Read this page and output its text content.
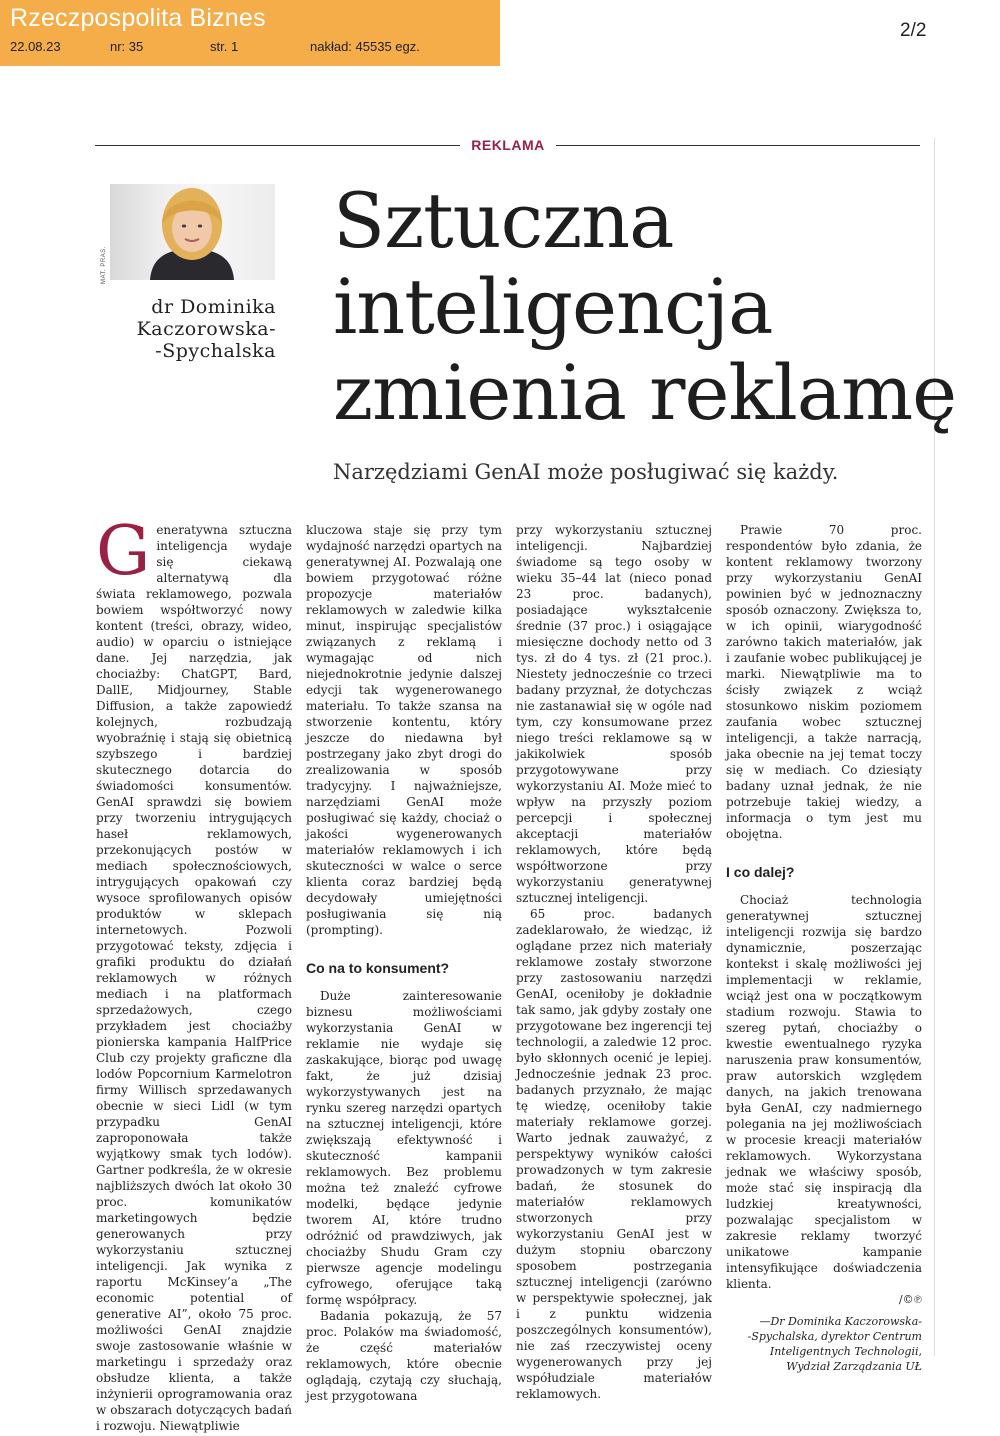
Rzeczpospolita Biznes
22.08.23	nr: 35	str. 1	nakład: 45535 egz.
2/2
REKLAMA
MAT. PRAS.
dr Dominika
Kaczorowska-
-Spychalska
Sztuczna
inteligencja
zmienia reklamę
Narzędziami GenAI może posługiwać się każdy.
G eneratywna sztuczna inteligencja wydaje się ciekawą alternatywą dla świata reklamowego, pozwala bowiem współtworzyć nowy kontent (treści, obrazy, wideo, audio) w oparciu o istniejące dane. Jej narzędzia, jak chociażby: ChatGPT, Bard, DallE, Midjourney, Stable Diffusion, a także zapowiedź kolejnych, rozbudzają wyobraźnię i stają się obietnicą szybszego i bardziej skutecznego dotarcia do świadomości konsumentów. GenAI sprawdzi się bowiem przy tworzeniu intrygujących haseł reklamowych, przekonujących postów w mediach społecznościowych, intrygujących opakowań czy wysoce sprofilowanych opisów produktów w sklepach internetowych. Pozwoli przygotować teksty, zdjęcia i grafiki produktu do działań reklamowych w różnych mediach i na platformach sprzedażowych, czego przykładem jest chociażby pionierska kampania HalfPrice Club czy projekty graficzne dla lodów Popcornium Karmelotron firmy Willisch sprzedawanych obecnie w sieci Lidl (w tym przypadku GenAI zaproponowała także wyjątkowy smak tych lodów). Gartner podkreśla, że w okresie najbliższych dwóch lat około 30 proc. komunikatów marketingowych będzie generowanych przy wykorzystaniu sztucznej inteligencji. Jak wynika z raportu McKinsey’a „The economic potential of generative AI”, około 75 proc. możliwości GenAI znajdzie swoje zastosowanie właśnie w marketingu i sprzedaży oraz obsłudze klienta, a także inżynierii oprogramowania oraz w obszarach dotyczących badań i rozwoju. Niewątpliwie

kluczowa staje się przy tym wydajność narzędzi opartych na generatywnej AI. Pozwalają one bowiem przygotować różne propozycje materiałów reklamowych w zaledwie kilka minut, inspirując specjalistów związanych z reklamą i wymagając od nich niejednokrotnie jedynie dalszej edycji tak wygenerowanego materiału. To także szansa na stworzenie kontentu, który jeszcze do niedawna był postrzegany jako zbyt drogi do zrealizowania w sposób tradycyjny. I najważniejsze, narzędziami GenAI może posługiwać się każdy, chociaż o jakości wygenerowanych materiałów reklamowych i ich skuteczności w walce o serce klienta coraz bardziej będą decydowały umiejętności posługiwania się nią (prompting).

Co na to konsument?

Duże zainteresowanie biznesu możliwościami wykorzystania GenAI w reklamie nie wydaje się zaskakujące, biorąc pod uwagę fakt, że już dzisiaj wykorzystywanych jest na rynku szereg narzędzi opartych na sztucznej inteligencji, które zwiększają efektywność i skuteczność kampanii reklamowych. Bez problemu można też znaleźć cyfrowe modelki, będące jedynie tworem AI, które trudno odróżnić od prawdziwych, jak chociażby Shudu Gram czy pierwsze agencje modelingu cyfrowego, oferujące taką formę współpracy.

Badania pokazują, że 57 proc. Polaków ma świadomość, że część materiałów reklamowych, które obecnie oglądają, czytają czy słuchają, jest przygotowana

przy wykorzystaniu sztucznej inteligencji. Najbardziej świadome są tego osoby w wieku 35–44 lat (nieco ponad 23 proc. badanych), posiadające wykształcenie średnie (37 proc.) i osiągające miesięczne dochody netto od 3 tys. zł do 4 tys. zł (21 proc.). Niestety jednocześnie co trzeci badany przyznał, że dotychczas nie zastanawiał się w ogóle nad tym, czy konsumowane przez niego treści reklamowe są w jakikolwiek sposób przygotowywane przy wykorzystaniu AI. Może mieć to wpływ na przyszły poziom percepcji i społecznej akceptacji materiałów reklamowych, które będą współtworzone przy wykorzystaniu generatywnej sztucznej inteligencji.

65 proc. badanych zadeklarowało, że wiedząc, iż oglądane przez nich materiały reklamowe zostały stworzone przy zastosowaniu narzędzi GenAI, oceniłoby je dokładnie tak samo, jak gdyby zostały one przygotowane bez ingerencji tej technologii, a zaledwie 12 proc. było skłonnych ocenić je lepiej. Jednocześnie jednak 23 proc. badanych przyznało, że mając tę wiedzę, oceniłoby takie materiały reklamowe gorzej. Warto jednak zauważyć, z perspektywy wyników całości prowadzonych w tym zakresie badań, że stosunek do materiałów reklamowych stworzonych przy wykorzystaniu GenAI jest w dużym stopniu obarczony sposobem postrzegania sztucznej inteligencji (zarówno w perspektywie społecznej, jak i z punktu widzenia poszczególnych konsumentów), nie zaś rzeczywistej oceny wygenerowanych przy jej współudziale materiałów reklamowych.

Prawie 70 proc. respondentów było zdania, że kontent reklamowy tworzony przy wykorzystaniu GenAI powinien być w jednoznaczny sposób oznaczony. Zwiększa to, w ich opinii, wiarygodność zarówno takich materiałów, jak i zaufanie wobec publikującej je marki. Niewątpliwie ma to ścisły związek z wciąż stosunkowo niskim poziomem zaufania wobec sztucznej inteligencji, a także narracją, jaka obecnie na jej temat toczy się w mediach. Co dziesiąty badany uznał jednak, że nie potrzebuje takiej wiedzy, a informacja o tym jest mu obojętna.

I co dalej?

Chociaż technologia generatywnej sztucznej inteligencji rozwija się bardzo dynamicznie, poszerzając kontekst i skalę możliwości jej implementacji w reklamie, wciąż jest ona w początkowym stadium rozwoju. Stawia to szereg pytań, chociażby o kwestie ewentualnego ryzyka naruszenia praw konsumentów, praw autorskich względem danych, na jakich trenowana była GenAI, czy nadmiernego polegania na jej możliwościach w procesie kreacji materiałów reklamowych. Wykorzystana jednak we właściwy sposób, może stać się inspiracją dla ludzkiej kreatywności, pozwalając specjalistom w zakresie reklamy tworzyć unikatowe kampanie intensyfikujące doświadczenia klienta.

/©℗
—Dr Dominika Kaczorowska-
-Spychalska, dyrektor Centrum Inteligentnych Technologii, Wydział Zarządzania UŁ
